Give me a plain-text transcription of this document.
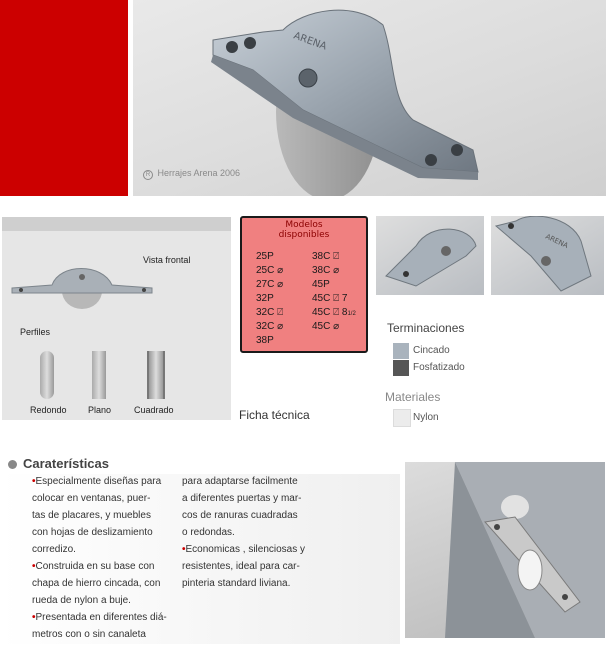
ARENA
R Herrajes Arena 2006
Vista frontal
Perfiles
Redondo Plano	Cuadrado	Ficha técnica
Modelos
disponibles
25P
25C ⌀
27C ⌀
32P
32C ⍁
32C ⌀
38P
38C ⍁
38C ⌀
45P
45C ⍁ 7
45C ⍁ 81/2
45C ⌀
ARENA
Terminaciones
Cincado
Fosfatizado
Materiales
Nylon
Caraterísticas
•Especialmente diseñas para
colocar en ventanas, puer-
tas de placares, y muebles
con hojas de deslizamiento
corredizo.
•Construida en su base con
chapa de hierro cincada, con
rueda de nylon a buje.
•Presentada en diferentes diá-
metros con o sin canaleta
para adaptarse facilmente
a diferentes puertas y mar-
cos de ranuras cuadradas
o redondas.
•Economicas , silenciosas y
resistentes, ideal para car-
pinteria standard liviana.
